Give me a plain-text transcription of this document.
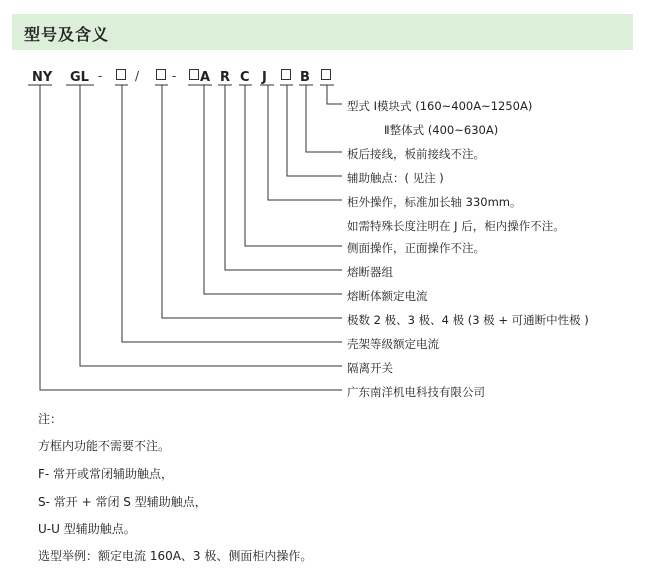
型号及含义
NY GL -	/	- A R C J	B
型式 Ⅰ模块式 (160~400A~1250A)
Ⅱ整体式 (400~630A)
板后接线，板前接线不注。
辅助触点：( 见注 )
柜外操作，标准加长轴 330mm。
如需特殊长度注明在 J 后，柜内操作不注。
侧面操作，正面操作不注。
熔断器组
熔断体额定电流
极数 2 极、3 极、4 极 (3 极 + 可通断中性极 )
壳架等级额定电流
隔离开关
广东南洋机电科技有限公司
注：
方框内功能不需要不注。
F- 常开或常闭辅助触点，
S- 常开 + 常闭 S 型辅助触点，
U-U 型辅助触点。
选型举例：额定电流 160A、3 极、侧面柜内操作。
